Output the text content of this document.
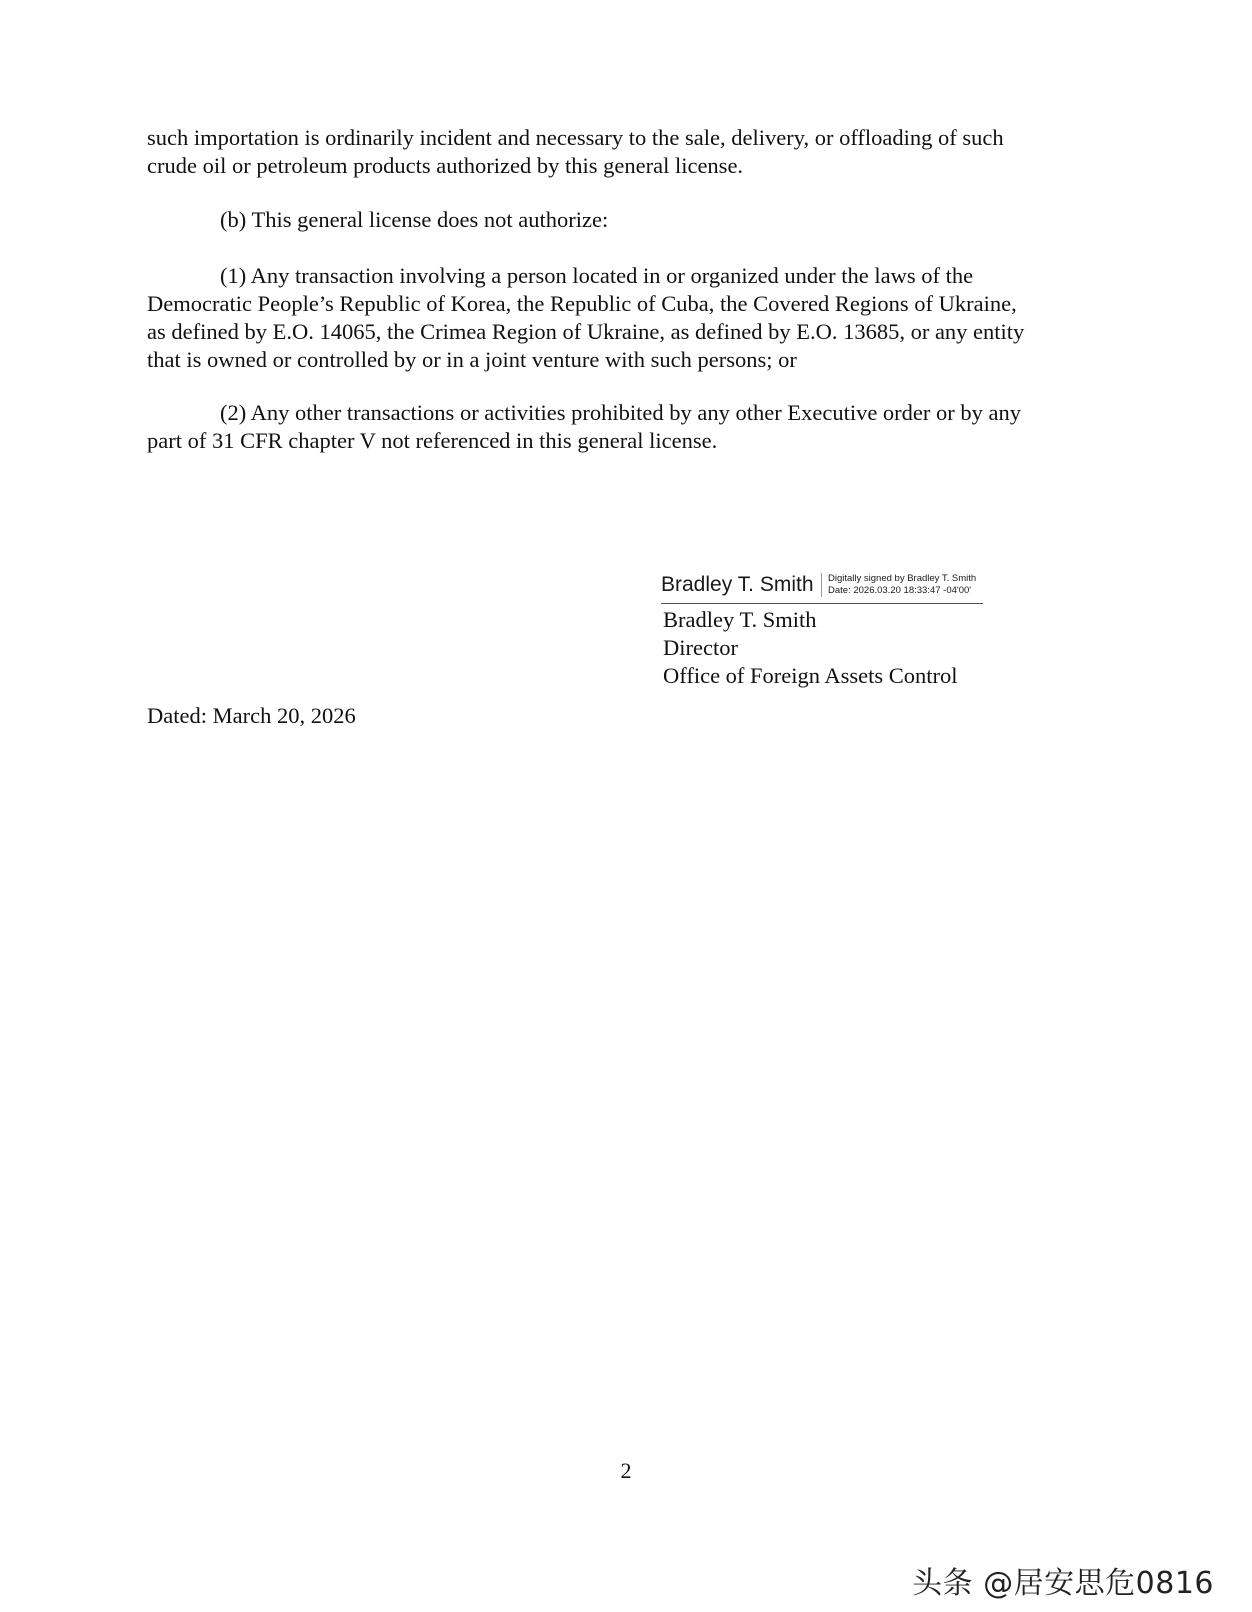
such importation is ordinarily incident and necessary to the sale, delivery, or offloading of such
crude oil or petroleum products authorized by this general license.

(b) This general license does not authorize:

(1) Any transaction involving a person located in or organized under the laws of the
Democratic People’s Republic of Korea, the Republic of Cuba, the Covered Regions of Ukraine,
as defined by E.O. 14065, the Crimea Region of Ukraine, as defined by E.O. 13685, or any entity
that is owned or controlled by or in a joint venture with such persons; or

(2) Any other transactions or activities prohibited by any other Executive order or by any
part of 31 CFR chapter V not referenced in this general license.

Bradley T. Smith Digitally signed by Bradley T. Smith
Date: 2026.03.20 18:33:47 -04'00'
Bradley T. Smith
Director
Office of Foreign Assets Control

Dated: March 20, 2026

2
头条 @居安思危0816
